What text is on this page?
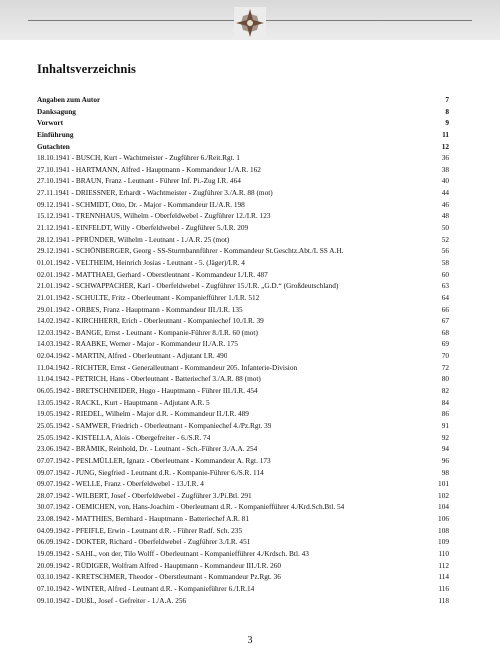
Inhaltsverzeichnis
Angaben zum Autor	7
Danksagung	8
Vorwort	9
Einführung	11
Gutachten	12
18.10.1941 - BUSCH, Kurt - Wachtmeister - Zugführer 6./Reit.Rgt. 1	36
27.10.1941 - HARTMANN, Alfred - Hauptmann - Kommandeur I./A.R. 162	38
27.10.1941 - BRAUN, Franz - Leutnant - Führer Inf. Pi.-Zug I.R. 464	40
27.11.1941 - DRIESSNER, Erhardt - Wachtmeister - Zugführer 3./A.R. 88 (mot)	44
09.12.1941 - SCHMIDT, Otto, Dr. - Major - Kommandeur II./A.R. 198	46
15.12.1941 - TRENNHAUS, Wilhelm - Oberfeldwebel - Zugführer 12./I.R. 123	48
21.12.1941 - EINFELDT, Willy - Oberfeldwebel - Zugführer 5./I.R. 209	50
28.12.1941 - PFRÜNDER, Wilhelm - Leutnant - 1./A.R. 25 (mot)	52
29.12.1941 - SCHÖNBERGER, Georg - SS-Sturmbannführer - Kommandeur St.Geschtz.Abt./L SS A.H.	56
01.01.1942 - VELTHEIM, Heinrich Josias - Leutnant - 5. (Jäger)/I.R. 4	58
02.01.1942 - MATTHAEI, Gerhard - Oberstleutnant - Kommandeur I./I.R. 487	60
21.01.1942 - SCHWAPPACHER, Karl - Oberfeldwebel - Zugführer 15./I.R. „G.D.“ (Großdeutschland)	63
21.01.1942 - SCHULTE, Fritz - Oberleutnant - Kompaniefführer 1./I.R. 512	64
29.01.1942 - ORBES, Franz - Hauptmann - Kommandeur III./I.R. 135	66
14.02.1942 - KIRCHHERR, Erich - Oberleutnant - Kompaniechef 10./I.R. 39	67
12.03.1942 - BANGE, Ernst - Leutnant - Kompanie-Führer 8./I.R. 60 (mot)	68
14.03.1942 - RAABKE, Werner - Major - Kommandeur II./A.R. 175	69
02.04.1942 - MARTIN, Alfred - Oberleutnant - Adjutant I.R. 490	70
11.04.1942 - RICHTER, Ernst - Generalleutnant - Kommandeur 205. Infanterie-Division	72
11.04.1942 - PETRICH, Hans - Oberleutnant - Batteriechef 3./A.R. 88 (mot)	80
06.05.1942 - BRETSCHNEIDER, Hugo - Hauptmann - Führer III./I.R. 454	82
13.05.1942 - RACKL, Kurt - Hauptmann - Adjutant A.R. 5	84
19.05.1942 - RIEDEL, Wilhelm - Major d.R. - Kommandeur II./I.R. 489	86
25.05.1942 - SAMWER, Friedrich - Oberleutnant - Kompaniechef 4./Pz.Rgt. 39	91
25.05.1942 - KISTELLA, Alois - Obergefreiter - 6./S.R. 74	92
23.06.1942 - BRÄMIK, Reinhold, Dr. - Leutnant - Sch.-Führer 3./A.A. 254	94
07.07.1942 - PESLMÜLLER, Ignatz - Oberleutnant - Kommandeur A. Rgt. 173	96
09.07.1942 - JUNG, Siegfried - Leutnant d.R. - Kompanie-Führer 6./S.R. 114	98
09.07.1942 - WELLE, Franz - Oberfeldwebel - 13./I.R. 4	101
28.07.1942 - WILBERT, Josef - Oberfeldwebel - Zugführer 3./Pi.Btl. 291	102
30.07.1942 - OEMICHEN, von, Hans-Joachim - Oberleutnant d.R. - Kompaniefführer 4./Krd.Sch.Btl. 54	104
23.08.1942 - MATTHIES, Bernhard - Hauptmann - Batteriechef A.R. 81	106
04.09.1942 - PFEIFLE, Erwin - Leutnant d.R. - Führer Radf. Sch. 235	108
06.09.1942 - DOKTER, Richard - Oberfeldwebel - Zugführer 3./I.R. 451	109
19.09.1942 - SAHL, von der, Tilo Wolff - Oberleutnant - Kompaniefführer 4./Krdsch. Btl. 43	110
20.09.1942 - RÜDIGER, Wolfram Alfred - Hauptmann - Kommandeur III./I.R. 260	112
03.10.1942 - KRETSCHMER, Theodor - Oberstleutnant - Kommandeur Pz.Rgt. 36	114
07.10.1942 - WINTER, Alfred - Leutnant d.R. - Kompanieführer 6./I.R.14	116
09.10.1942 - DUßL, Josef - Gefreiter - 1./A.A. 256	118
3
